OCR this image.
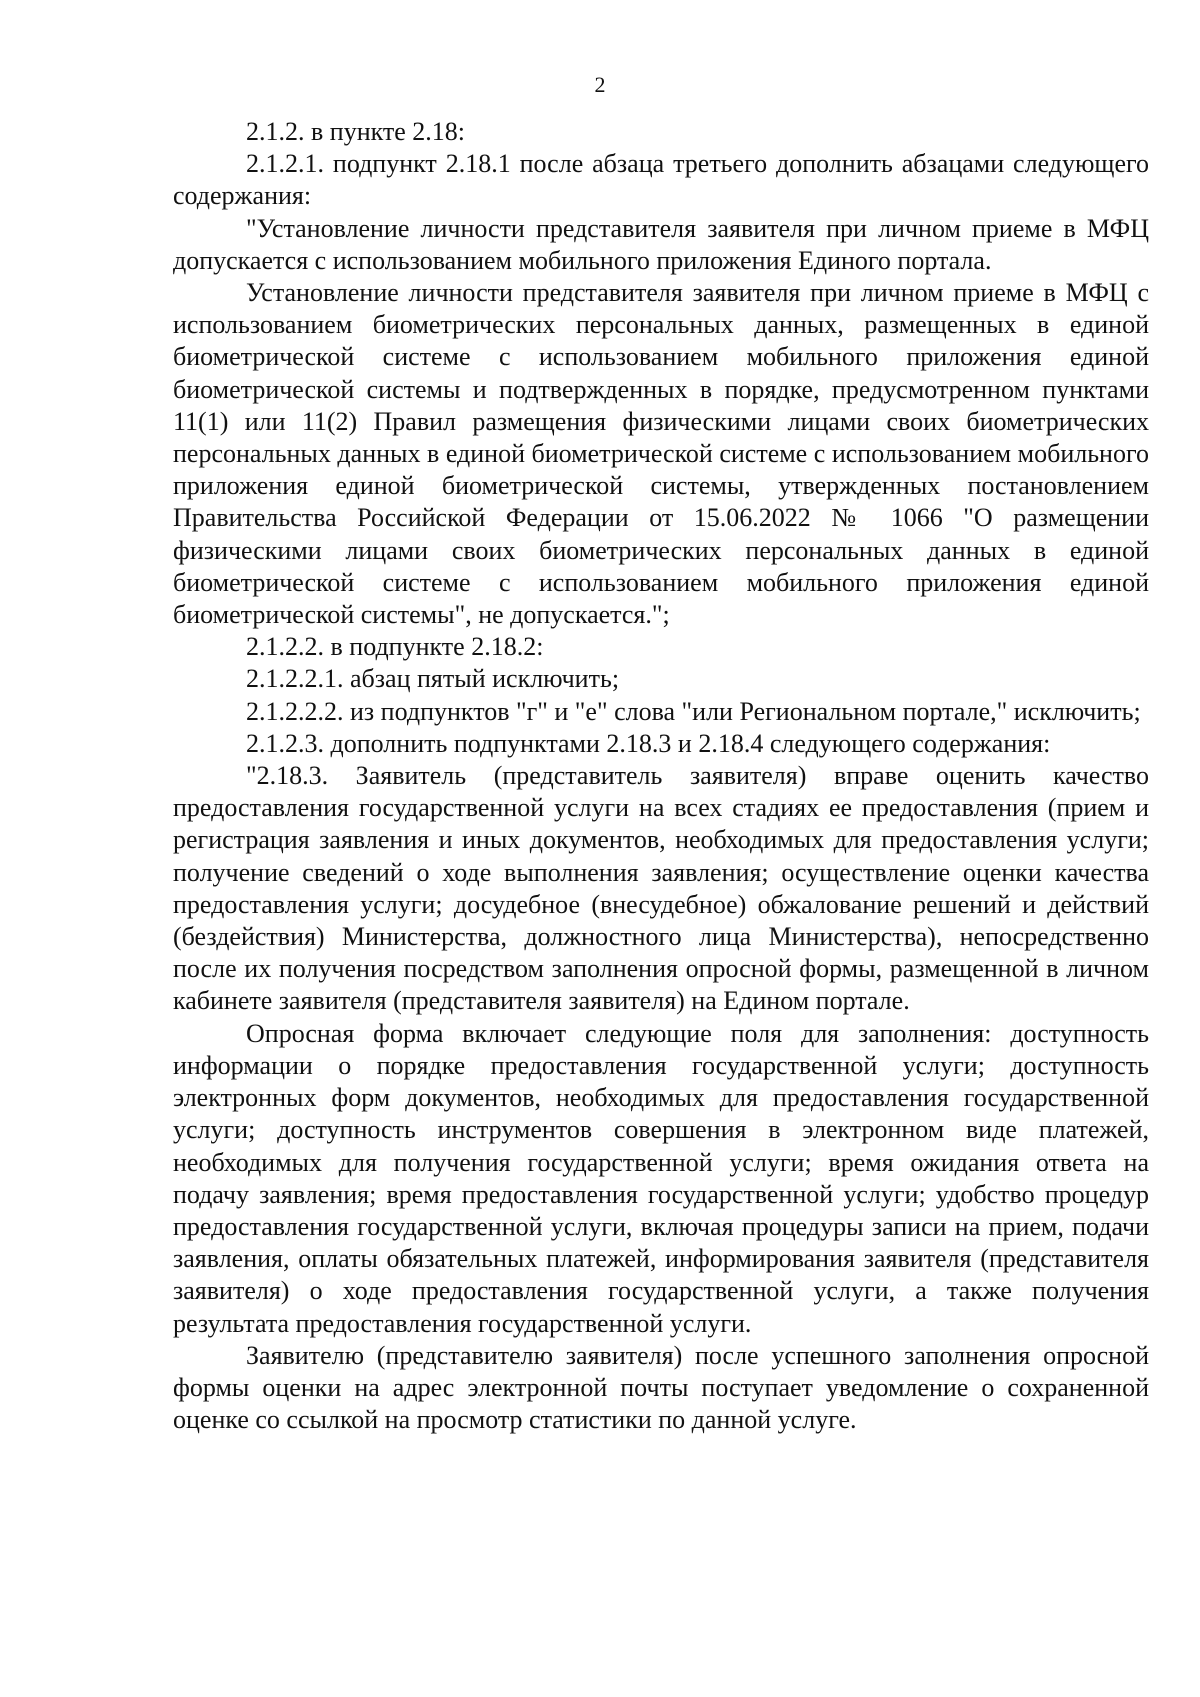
2

2.1.2. в пункте 2.18:

2.1.2.1. подпункт 2.18.1 после абзаца третьего дополнить абзацами следующего содержания:

"Установление личности представителя заявителя при личном приеме в МФЦ допускается с использованием мобильного приложения Единого портала.

Установление личности представителя заявителя при личном приеме в МФЦ с использованием биометрических персональных данных, размещенных в единой биометрической системе с использованием мобильного приложения единой биометрической системы и подтвержденных в порядке, предусмотренном пунктами 11(1) или 11(2) Правил размещения физическими лицами своих биометрических персональных данных в единой биометрической системе с использованием мобильного приложения единой биометрической системы, утвержденных постановлением Правительства Российской Федерации от 15.06.2022 № 1066 "О размещении физическими лицами своих биометрических персональных данных в единой биометрической системе с использованием мобильного приложения единой биометрической системы", не допускается.";

2.1.2.2. в подпункте 2.18.2:

2.1.2.2.1. абзац пятый исключить;

2.1.2.2.2. из подпунктов "г" и "е" слова "или Региональном портале," исключить;

2.1.2.3. дополнить подпунктами 2.18.3 и 2.18.4 следующего содержания:

"2.18.3. Заявитель (представитель заявителя) вправе оценить качество предоставления государственной услуги на всех стадиях ее предоставления (прием и регистрация заявления и иных документов, необходимых для предоставления услуги; получение сведений о ходе выполнения заявления; осуществление оценки качества предоставления услуги; досудебное (внесудебное) обжалование решений и действий (бездействия) Министерства, должностного лица Министерства), непосредственно после их получения посредством заполнения опросной формы, размещенной в личном кабинете заявителя (представителя заявителя) на Едином портале.

Опросная форма включает следующие поля для заполнения: доступность информации о порядке предоставления государственной услуги; доступность электронных форм документов, необходимых для предоставления государственной услуги; доступность инструментов совершения в электронном виде платежей, необходимых для получения государственной услуги; время ожидания ответа на подачу заявления; время предоставления государственной услуги; удобство процедур предоставления государственной услуги, включая процедуры записи на прием, подачи заявления, оплаты обязательных платежей, информирования заявителя (представителя заявителя) о ходе предоставления государственной услуги, а также получения результата предоставления государственной услуги.

Заявителю (представителю заявителя) после успешного заполнения опросной формы оценки на адрес электронной почты поступает уведомление о сохраненной оценке со ссылкой на просмотр статистики по данной услуге.
